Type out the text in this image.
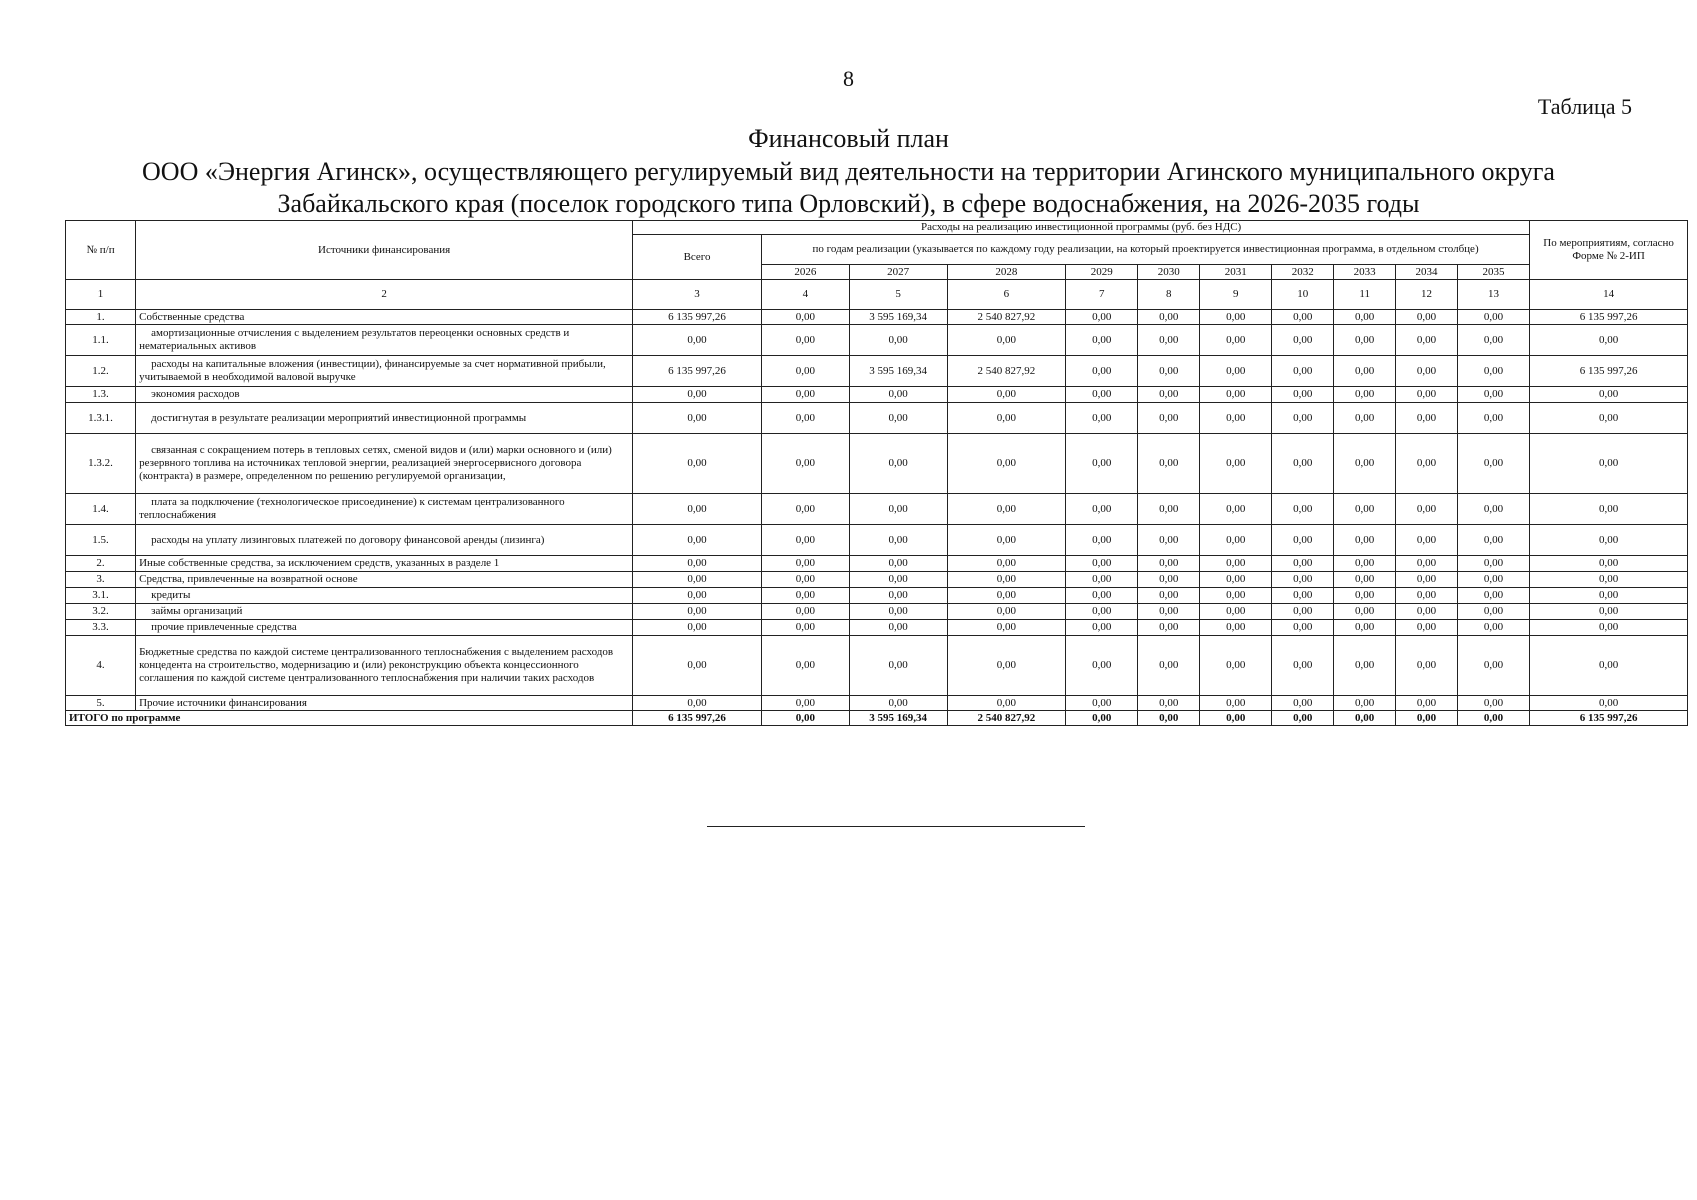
8
Таблица 5
Финансовый план
ООО «Энергия Агинск», осуществляющего регулируемый вид деятельности на территории Агинского муниципального округа
Забайкальского края (поселок городского типа Орловский), в сфере водоснабжения, на 2026-2035 годы
№ п/п	Источники финансирования	Расходы на реализацию инвестиционной программы (руб. без НДС)											По мероприятиям, согласно Форме № 2-ИП
		Всего	по годам реализации (указывается по каждому году реализации, на который проектируется инвестиционная программа, в отдельном столбце)										
			2026	2027	2028	2029	2030	2031	2032	2033	2034	2035	
1	2	3	4	5	6	7	8	9	10	11	12	13	14
1.	Собственные средства	6 135 997,26	0,00	3 595 169,34	2 540 827,92	0,00	0,00	0,00	0,00	0,00	0,00	0,00	6 135 997,26
1.1.	амортизационные отчисления с выделением результатов переоценки основных средств и нематериальных активов	0,00	0,00	0,00	0,00	0,00	0,00	0,00	0,00	0,00	0,00	0,00	0,00
1.2.	расходы на капитальные вложения (инвестиции), финансируемые за счет нормативной прибыли, учитываемой в необходимой валовой выручке	6 135 997,26	0,00	3 595 169,34	2 540 827,92	0,00	0,00	0,00	0,00	0,00	0,00	0,00	6 135 997,26
1.3.	экономия расходов	0,00	0,00	0,00	0,00	0,00	0,00	0,00	0,00	0,00	0,00	0,00	0,00
1.3.1.	достигнутая в результате реализации мероприятий инвестиционной программы	0,00	0,00	0,00	0,00	0,00	0,00	0,00	0,00	0,00	0,00	0,00	0,00
1.3.2.	связанная с сокращением потерь в тепловых сетях, сменой видов и (или) марки основного и (или) резервного топлива на источниках тепловой энергии, реализацией энергосервисного договора (контракта) в размере, определенном по решению регулируемой организации,	0,00	0,00	0,00	0,00	0,00	0,00	0,00	0,00	0,00	0,00	0,00	0,00
1.4.	плата за подключение (технологическое присоединение) к системам централизованного теплоснабжения	0,00	0,00	0,00	0,00	0,00	0,00	0,00	0,00	0,00	0,00	0,00	0,00
1.5.	расходы на уплату лизинговых платежей по договору финансовой аренды (лизинга)	0,00	0,00	0,00	0,00	0,00	0,00	0,00	0,00	0,00	0,00	0,00	0,00
2.	Иные собственные средства, за исключением средств, указанных в разделе 1	0,00	0,00	0,00	0,00	0,00	0,00	0,00	0,00	0,00	0,00	0,00	0,00
3.	Средства, привлеченные на возвратной основе	0,00	0,00	0,00	0,00	0,00	0,00	0,00	0,00	0,00	0,00	0,00	0,00
3.1.	кредиты	0,00	0,00	0,00	0,00	0,00	0,00	0,00	0,00	0,00	0,00	0,00	0,00
3.2.	займы организаций	0,00	0,00	0,00	0,00	0,00	0,00	0,00	0,00	0,00	0,00	0,00	0,00
3.3.	прочие привлеченные средства	0,00	0,00	0,00	0,00	0,00	0,00	0,00	0,00	0,00	0,00	0,00	0,00
4.	Бюджетные средства по каждой системе централизованного теплоснабжения с выделением расходов концедента на строительство, модернизацию и (или) реконструкцию объекта концессионного соглашения по каждой системе централизованного теплоснабжения при наличии таких расходов	0,00	0,00	0,00	0,00	0,00	0,00	0,00	0,00	0,00	0,00	0,00	0,00
5.	Прочие источники финансирования	0,00	0,00	0,00	0,00	0,00	0,00	0,00	0,00	0,00	0,00	0,00	0,00
ИТОГО по программе		6 135 997,26	0,00	3 595 169,34	2 540 827,92	0,00	0,00	0,00	0,00	0,00	0,00	0,00	6 135 997,26
